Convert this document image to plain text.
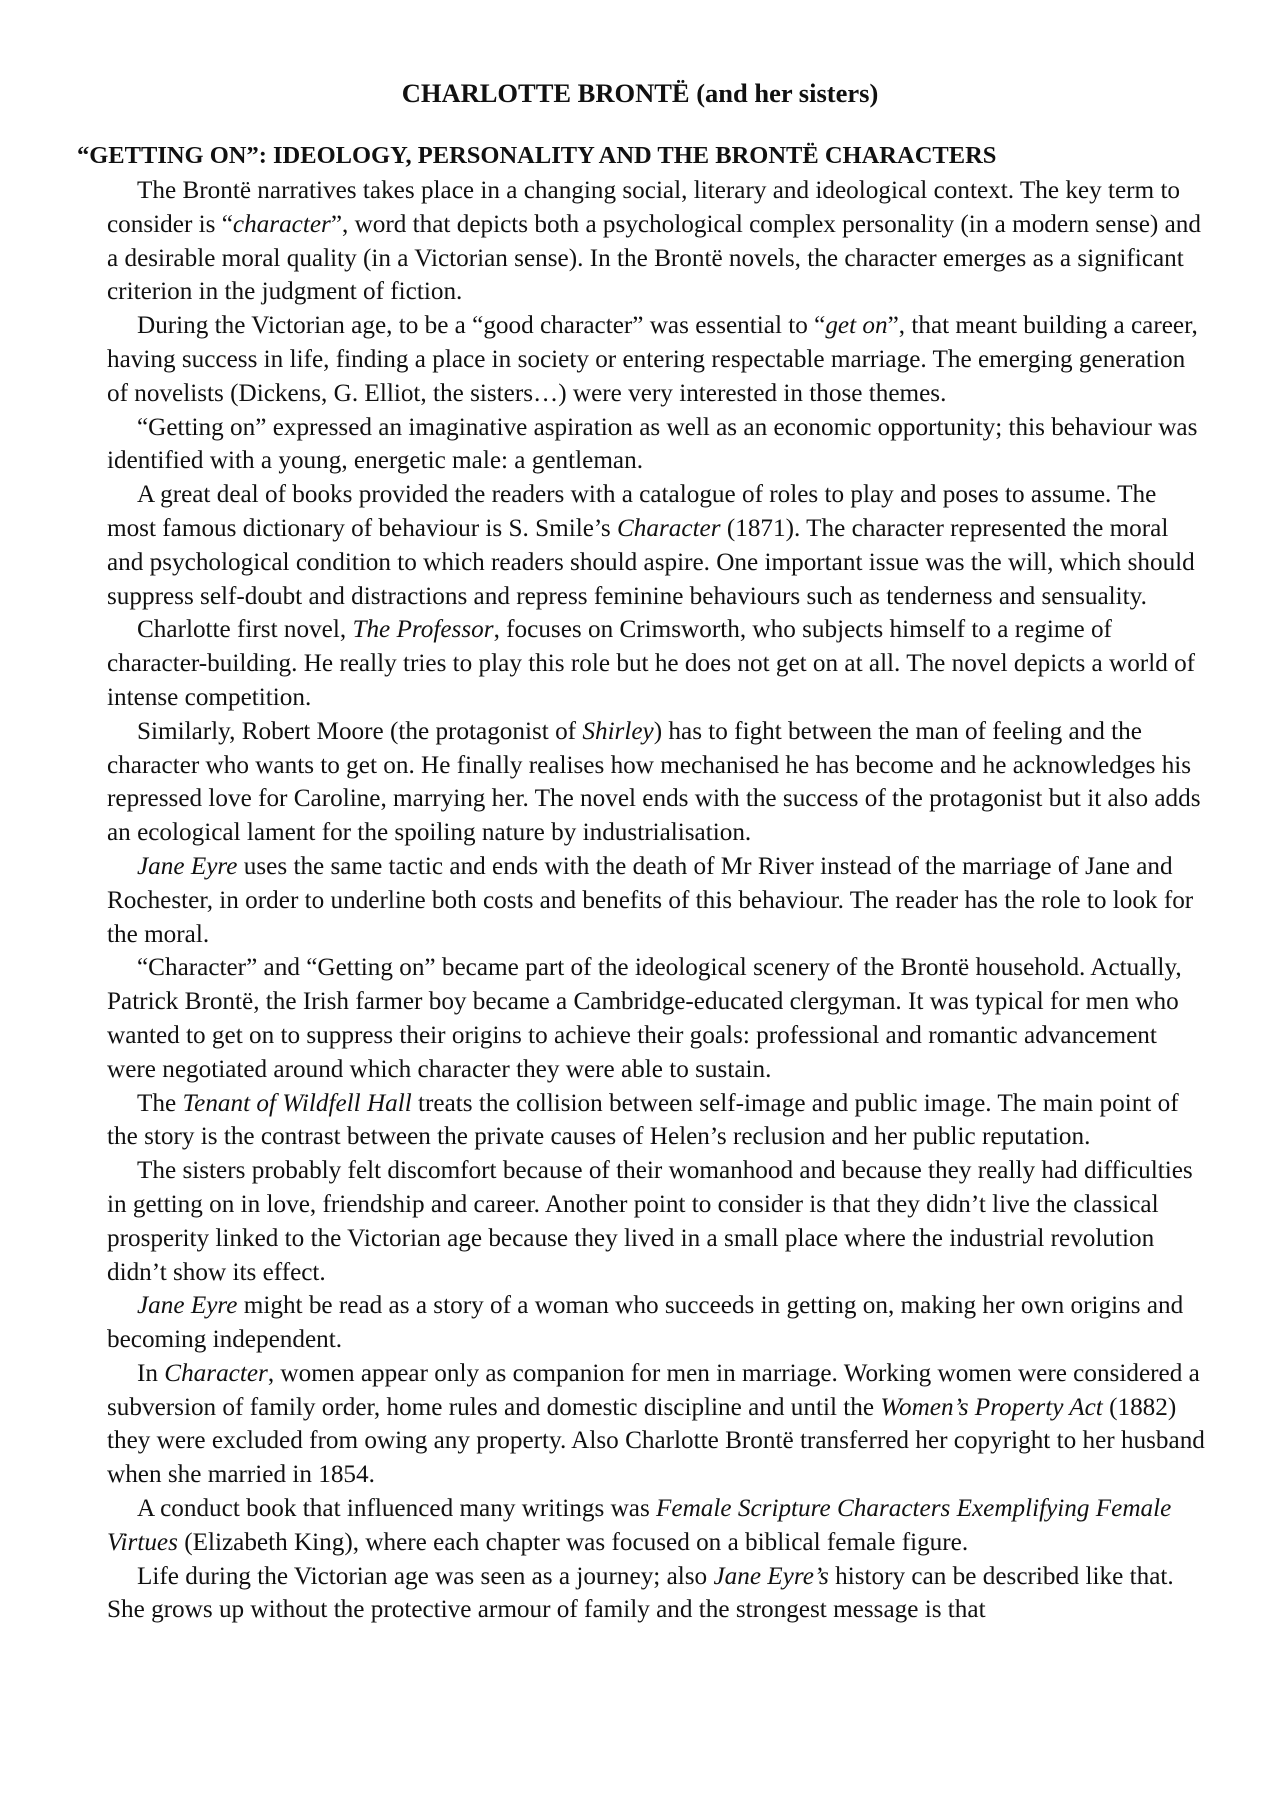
CHARLOTTE BRONTË (and her sisters)
“GETTING ON”: IDEOLOGY, PERSONALITY AND THE BRONTË CHARACTERS

The Brontë narratives takes place in a changing social, literary and ideological context. The key term to consider is “character”, word that depicts both a psychological complex personality (in a modern sense) and a desirable moral quality (in a Victorian sense). In the Brontë novels, the character emerges as a significant criterion in the judgment of fiction.

During the Victorian age, to be a “good character” was essential to “get on”, that meant building a career, having success in life, finding a place in society or entering respectable marriage. The emerging generation of novelists (Dickens, G. Elliot, the sisters…) were very interested in those themes.

“Getting on” expressed an imaginative aspiration as well as an economic opportunity; this behaviour was identified with a young, energetic male: a gentleman.

A great deal of books provided the readers with a catalogue of roles to play and poses to assume. The most famous dictionary of behaviour is S. Smile’s Character (1871). The character represented the moral and psychological condition to which readers should aspire. One important issue was the will, which should suppress self-doubt and distractions and repress feminine behaviours such as tenderness and sensuality.

Charlotte first novel, The Professor, focuses on Crimsworth, who subjects himself to a regime of character-building. He really tries to play this role but he does not get on at all. The novel depicts a world of intense competition.

Similarly, Robert Moore (the protagonist of Shirley) has to fight between the man of feeling and the character who wants to get on. He finally realises how mechanised he has become and he acknowledges his repressed love for Caroline, marrying her. The novel ends with the success of the protagonist but it also adds an ecological lament for the spoiling nature by industrialisation.

Jane Eyre uses the same tactic and ends with the death of Mr River instead of the marriage of Jane and Rochester, in order to underline both costs and benefits of this behaviour. The reader has the role to look for the moral.

“Character” and “Getting on” became part of the ideological scenery of the Brontë household. Actually, Patrick Brontë, the Irish farmer boy became a Cambridge-educated clergyman. It was typical for men who wanted to get on to suppress their origins to achieve their goals: professional and romantic advancement were negotiated around which character they were able to sustain.

The Tenant of Wildfell Hall treats the collision between self-image and public image. The main point of the story is the contrast between the private causes of Helen’s reclusion and her public reputation.

The sisters probably felt discomfort because of their womanhood and because they really had difficulties in getting on in love, friendship and career. Another point to consider is that they didn’t live the classical prosperity linked to the Victorian age because they lived in a small place where the industrial revolution didn’t show its effect.

Jane Eyre might be read as a story of a woman who succeeds in getting on, making her own origins and becoming independent.

In Character, women appear only as companion for men in marriage. Working women were considered a subversion of family order, home rules and domestic discipline and until the Women’s Property Act (1882) they were excluded from owing any property. Also Charlotte Brontë transferred her copyright to her husband when she married in 1854.

A conduct book that influenced many writings was Female Scripture Characters Exemplifying Female Virtues (Elizabeth King), where each chapter was focused on a biblical female figure.

Life during the Victorian age was seen as a journey; also Jane Eyre’s history can be described like that. She grows up without the protective armour of family and the strongest message is that
